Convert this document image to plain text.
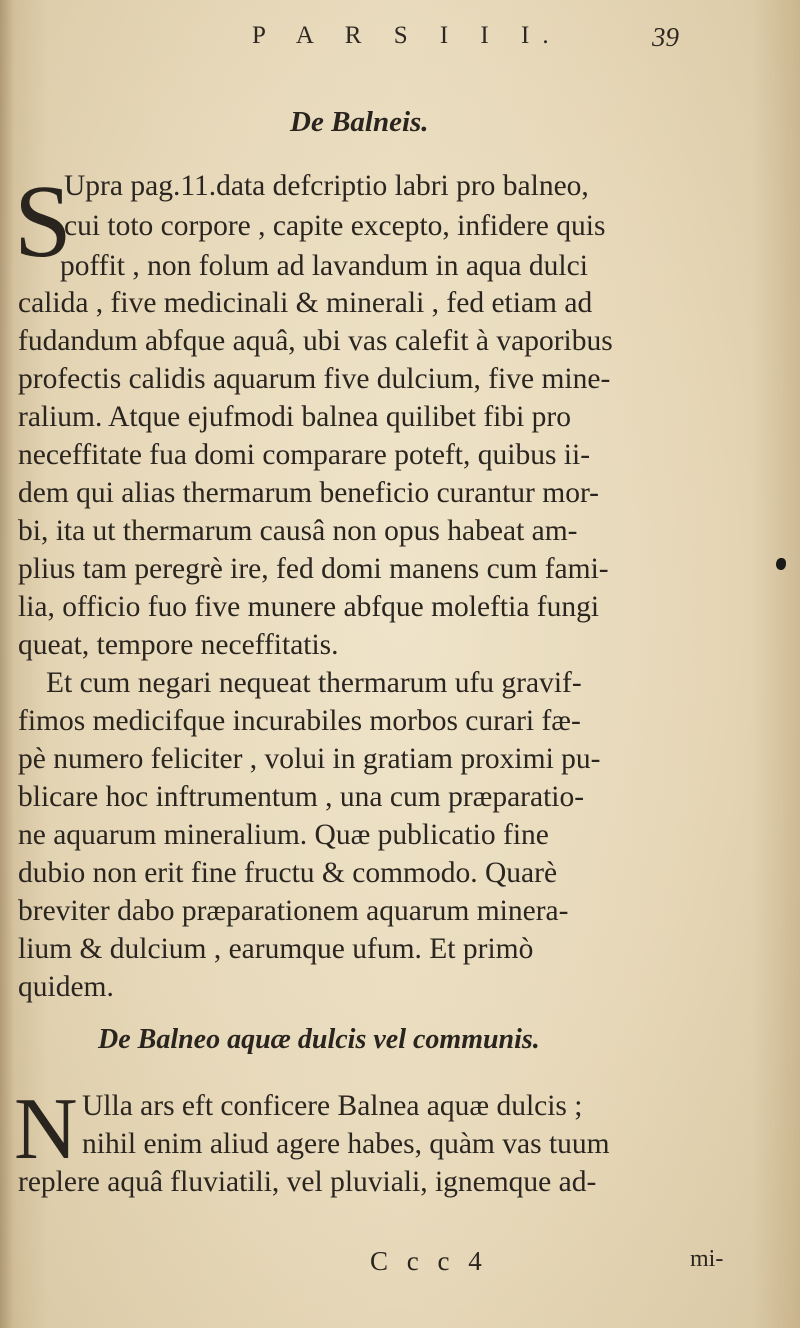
P A R S I I I.	39
De Balneis.
S
Upra pag.11.data defcriptio labri pro balneo,
cui toto corpore , capite excepto, infidere quis
poffit , non folum ad lavandum in aqua dulci
calida , five medicinali & minerali , fed etiam ad
fudandum abfque aquâ, ubi vas calefit à vaporibus
profectis calidis aquarum five dulcium, five mine-
ralium. Atque ejufmodi balnea quilibet fibi pro
neceffitate fua domi comparare poteft, quibus ii-
dem qui alias thermarum beneficio curantur mor-
bi, ita ut thermarum causâ non opus habeat am-
plius tam peregrè ire, fed domi manens cum fami-
lia, officio fuo five munere abfque moleftia fungi
queat, tempore neceffitatis.
Et cum negari nequeat thermarum ufu gravif-
fimos medicifque incurabiles morbos curari fæ-
pè numero feliciter , volui in gratiam proximi pu-
blicare hoc inftrumentum , una cum præparatio-
ne aquarum mineralium. Quæ publicatio fine
dubio non erit fine fructu & commodo. Quarè
breviter dabo præparationem aquarum minera-
lium & dulcium , earumque ufum. Et primò
quidem.
De Balneo aquæ dulcis vel communis.
N Ulla ars eft conficere Balnea aquæ dulcis ;
nihil enim aliud agere habes, quàm vas tuum
replere aquâ fluviatili, vel pluviali, ignemque ad-
C c c 4	mi-
